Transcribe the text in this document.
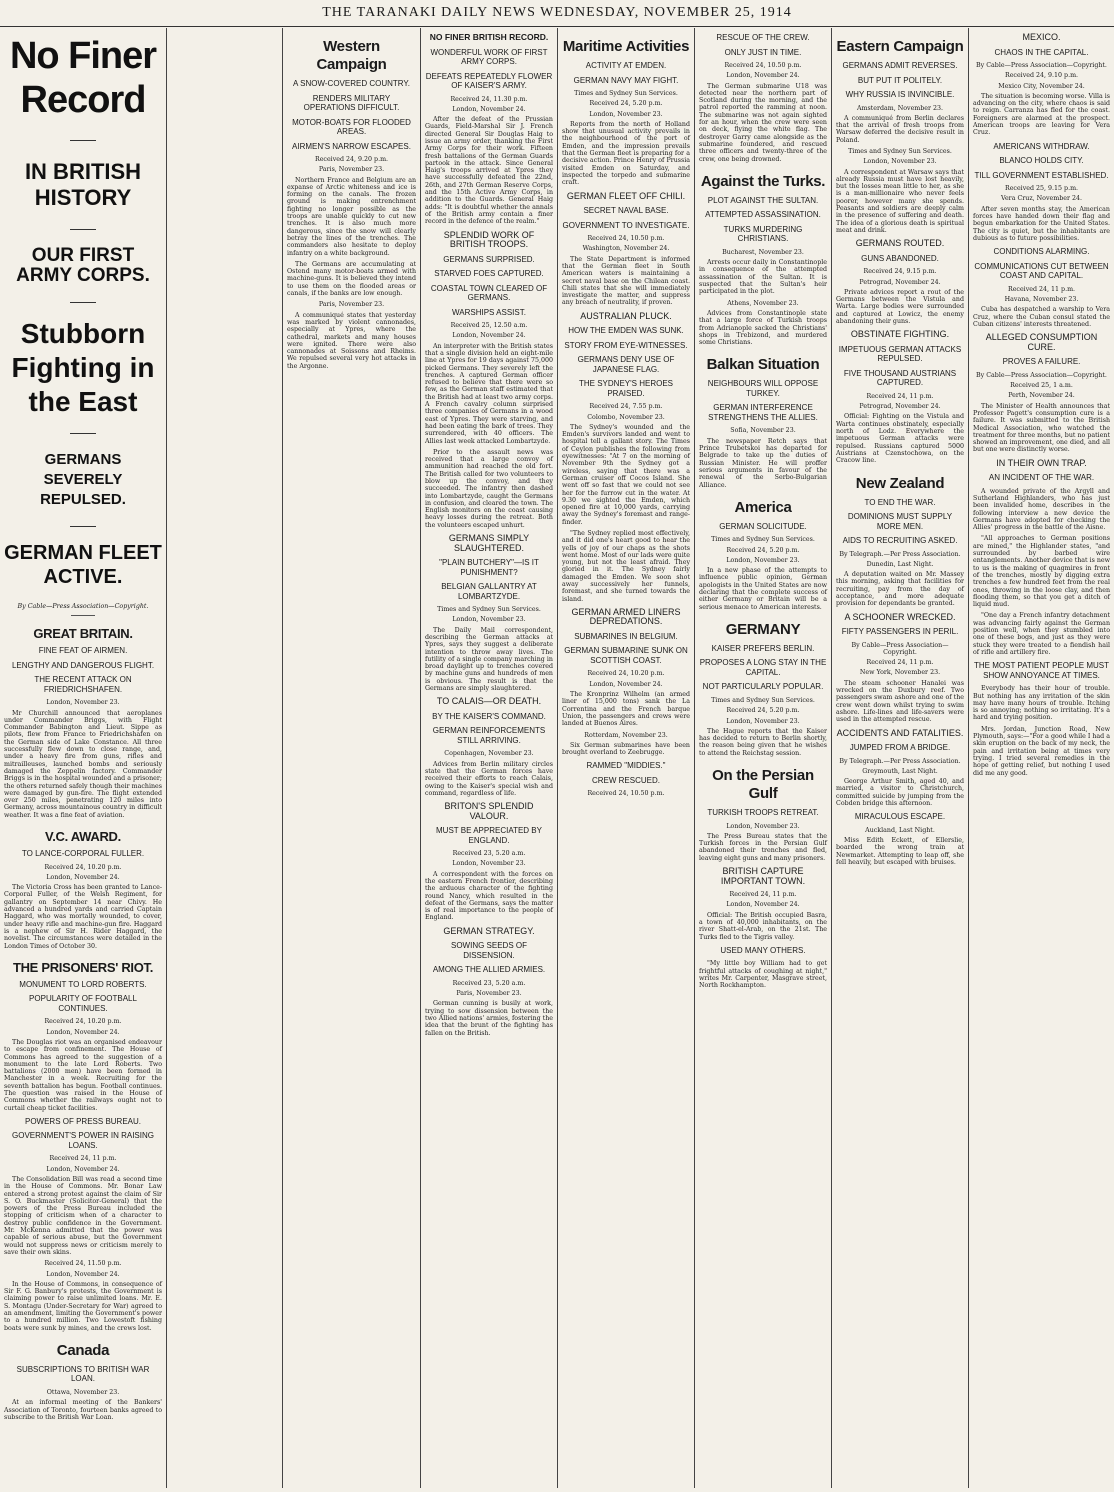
THE TARANAKI DAILY NEWS WEDNESDAY, NOVEMBER 25, 1914
No Finer Record
IN BRITISH HISTORY
OUR FIRST ARMY CORPS.
Stubborn Fighting in the East
GERMANS SEVERELY REPULSED.
GERMAN FLEET ACTIVE.
By Cable—Press Association—Copyright.
GREAT BRITAIN.
FINE FEAT OF AIRMEN.
LENGTHY AND DANGEROUS FLIGHT.
THE RECENT ATTACK ON FRIEDRICHSHAFEN.
London, November 23.
Mr Churchill announced that aeroplanes under Commander Briggs, with Flight Commander Babington and Lieut. Sippe as pilots, flew from France to Friedrichshafen on the German side of Lake Constance. All three successfully flew down to close range, and, under a heavy fire from guns, rifles and mitrailleuses, launched bombs and seriously damaged the Zeppelin factory. Commander Briggs is in the hospital wounded and a prisoner; the others returned safely though their machines were damaged by gun-fire. The flight extended over 250 miles, penetrating 120 miles into Germany, across mountainous country in difficult weather. It was a fine feat of aviation.
V.C. AWARD.
TO LANCE-CORPORAL FULLER.
Received 24, 10.20 p.m.
London, November 24.
The Victoria Cross has been granted to Lance-Corporal Fuller, of the Welsh Regiment, for gallantry on September 14 near Chivy. He advanced a hundred yards and carried Captain Haggard, who was mortally wounded, to cover, under heavy rifle and machine-gun fire. Haggard is a nephew of Sir H. Rider Haggard, the novelist. The circumstances were detailed in the London Times of October 30.
THE PRISONERS' RIOT.
MONUMENT TO LORD ROBERTS.
POPULARITY OF FOOTBALL CONTINUES.
Received 24, 10.20 p.m.
London, November 24.
The Douglas riot was an organised endeavour to escape from confinement. The House of Commons has agreed to the suggestion of a monument to the late Lord Roberts. Two battalions (2000 men) have been formed in Manchester in a week. Recruiting for the seventh battalion has begun. Football continues. The question was raised in the House of Commons whether the railways ought not to curtail cheap ticket facilities.
POWERS OF PRESS BUREAU.
GOVERNMENT'S POWER IN RAISING LOANS.
Received 24, 11 p.m.
London, November 24.
The Consolidation Bill was read a second time in the House of Commons. Mr. Bonar Law entered a strong protest against the claim of Sir S. O. Buckmaster (Solicitor-General) that the powers of the Press Bureau included the stopping of criticism when of a character to destroy public confidence in the Government. Mr. McKenna admitted that the power was capable of serious abuse, but the Government would not suppress news or criticism merely to save their own skins.
Received 24, 11.50 p.m.
London, November 24.
In the House of Commons, in consequence of Sir F. G. Banbury's protests, the Government is claiming power to raise unlimited loans. Mr. E. S. Montagu (Under-Secretary for War) agreed to an amendment, limiting the Government's power to a hundred million. Two Lowestoft fishing boats were sunk by mines, and the crews lost.
Canada
SUBSCRIPTIONS TO BRITISH WAR LOAN.
Ottawa, November 23.
At an informal meeting of the Bankers' Association of Toronto, fourteen banks agreed to subscribe to the British War Loan.
Western Campaign
A SNOW-COVERED COUNTRY.
RENDERS MILITARY OPERATIONS DIFFICULT.
MOTOR-BOATS FOR FLOODED AREAS.
AIRMEN'S NARROW ESCAPES.
Received 24, 9.20 p.m.
Paris, November 23.
Northern France and Belgium are an expanse of Arctic whiteness and ice is forming on the canals. The frozen ground is making entrenchment fighting no longer possible as the troops are unable quickly to cut new trenches. It is also much more dangerous, since the snow will clearly betray the lines of the trenches. The commanders also hesitate to deploy infantry on a white background.
The Germans are accumulating at Ostend many motor-boats armed with machine-guns. It is believed they intend to use them on the flooded areas or canals, if the banks are low enough.
Paris, November 23.
A communiqué states that yesterday was marked by violent cannonades, especially at Ypres, where the cathedral, markets and many houses were ignited. There were also cannonades at Soissons and Rheims. We repulsed several very hot attacks in the Argonne.
NO FINER BRITISH RECORD.
WONDERFUL WORK OF FIRST ARMY CORPS.
DEFEATS REPEATEDLY FLOWER OF KAISER'S ARMY.
Received 24, 11.30 p.m.
London, November 24.
After the defeat of the Prussian Guards, Field-Marshal Sir J. French directed General Sir Douglas Haig to issue an army order, thanking the First Army Corps for their work. Fifteen fresh battalions of the German Guards partook in the attack. Since General Haig's troops arrived at Ypres they have successfully defeated the 22nd, 26th, and 27th German Reserve Corps, and the 15th Active Army Corps, in addition to the Guards. General Haig adds: "It is doubtful whether the annals of the British army contain a finer record in the defence of the realm."
SPLENDID WORK OF BRITISH TROOPS.
GERMANS SURPRISED.
STARVED FOES CAPTURED.
COASTAL TOWN CLEARED OF GERMANS.
WARSHIPS ASSIST.
Received 25, 12.50 a.m.
London, November 24.
An interpreter with the British states that a single division held an eight-mile line at Ypres for 19 days against 75,000 picked Germans. They severely left the trenches. A captured German officer refused to believe that there were so few, as the German staff estimated that the British had at least two army corps. A French cavalry column surprised three companies of Germans in a wood east of Ypres. They were starving, and had been eating the bark of trees. They surrendered, with 40 officers. The Allies last week attacked Lombartzyde.
Prior to the assault news was received that a large convoy of ammunition had reached the old fort. The British called for two volunteers to blow up the convoy, and they succeeded. The infantry then dashed into Lombartzyde, caught the Germans in confusion, and cleared the town. The English monitors on the coast causing heavy losses during the retreat. Both the volunteers escaped unhurt.
GERMANS SIMPLY SLAUGHTERED.
"PLAIN BUTCHERY"—IS IT PUNISHMENT?
BELGIAN GALLANTRY AT LOMBARTZYDE.
Times and Sydney Sun Services.
London, November 23.
The Daily Mail correspondent, describing the German attacks at Ypres, says they suggest a deliberate intention to throw away lives. The futility of a single company marching in broad daylight up to trenches covered by machine guns and hundreds of men is obvious. The result is that the Germans are simply slaughtered.
TO CALAIS—OR DEATH.
BY THE KAISER'S COMMAND.
GERMAN REINFORCEMENTS STILL ARRIVING.
Copenhagen, November 23.
Advices from Berlin military circles state that the German forces have received their efforts to reach Calais, owing to the Kaiser's special wish and command, regardless of life.
BRITON'S SPLENDID VALOUR.
MUST BE APPRECIATED BY ENGLAND.
Received 23, 5.20 a.m.
London, November 23.
A correspondent with the forces on the eastern French frontier, describing the arduous character of the fighting round Nancy, which resulted in the defeat of the Germans, says the matter is of real importance to the people of England.
GERMAN STRATEGY.
SOWING SEEDS OF DISSENSION.
AMONG THE ALLIED ARMIES.
Received 23, 5.20 a.m.
Paris, November 23.
German cunning is busily at work, trying to sow dissension between the two Allied nations' armies, fostering the idea that the brunt of the fighting has fallen on the British.
Maritime Activities
ACTIVITY AT EMDEN.
GERMAN NAVY MAY FIGHT.
Times and Sydney Sun Services.
Received 24, 5.20 p.m.
London, November 23.
Reports from the north of Holland show that unusual activity prevails in the neighbourhood of the port of Emden, and the impression prevails that the German fleet is preparing for a decisive action. Prince Henry of Prussia visited Emden on Saturday, and inspected the torpedo and submarine craft.
GERMAN FLEET OFF CHILI.
SECRET NAVAL BASE.
GOVERNMENT TO INVESTIGATE.
Received 24, 10.50 p.m.
Washington, November 24.
The State Department is informed that the German fleet in South American waters is maintaining a secret naval base on the Chilean coast. Chili states that she will immediately investigate the matter, and suppress any breach of neutrality, if proven.
AUSTRALIAN PLUCK.
HOW THE EMDEN WAS SUNK.
STORY FROM EYE-WITNESSES.
GERMANS DENY USE OF JAPANESE FLAG.
THE SYDNEY'S HEROES PRAISED.
Received 24, 7.55 p.m.
Colombo, November 23.
The Sydney's wounded and the Emden's survivors landed and went to hospital tell a gallant story. The Times of Ceylon publishes the following from eyewitnesses: "At 7 on the morning of November 9th the Sydney got a wireless, saying that there was a German cruiser off Cocos Island. She went off so fast that we could not see her for the furrow cut in the water. At 9.30 we sighted the Emden, which opened fire at 10,000 yards, carrying away the Sydney's foremast and range-finder.
"The Sydney replied most effectively, and it did one's heart good to hear the yells of joy of our chaps as the shots went home. Most of our lads were quite young, but not the least afraid. They gloried in it. The Sydney fairly damaged the Emden. We soon shot away successively her funnels, foremast, and she turned towards the island.
GERMAN ARMED LINERS DEPREDATIONS.
SUBMARINES IN BELGIUM.
GERMAN SUBMARINE SUNK ON SCOTTISH COAST.
Received 24, 10.20 p.m.
London, November 24.
The Kronprinz Wilhelm (an armed liner of 15,000 tons) sank the La Correntina and the French barque Union, the passengers and crews were landed at Buenos Aires.
Rotterdam, November 23.
Six German submarines have been brought overland to Zeebrugge.
RAMMED "MIDDIES."
CREW RESCUED.
Received 24, 10.50 p.m.
RESCUE OF THE CREW.
ONLY JUST IN TIME.
Received 24, 10.50 p.m.
London, November 24.
The German submarine U18 was detected near the northern part of Scotland during the morning, and the patrol reported the ramming at noon. The submarine was not again sighted for an hour, when the crew were seen on deck, flying the white flag. The destroyer Garry came alongside as the submarine foundered, and rescued three officers and twenty-three of the crew, one being drowned.
Against the Turks.
PLOT AGAINST THE SULTAN.
ATTEMPTED ASSASSINATION.
TURKS MURDERING CHRISTIANS.
Bucharest, November 23.
Arrests occur daily in Constantinople in consequence of the attempted assassination of the Sultan. It is suspected that the Sultan's heir participated in the plot.
Athens, November 23.
Advices from Constantinople state that a large force of Turkish troops from Adrianople sacked the Christians' shops in Trebizond, and murdered some Christians.
Balkan Situation
NEIGHBOURS WILL OPPOSE TURKEY.
GERMAN INTERFERENCE STRENGTHENS THE ALLIES.
Sofia, November 23.
The newspaper Retch says that Prince Trubetskoi has departed for Belgrade to take up the duties of Russian Minister. He will proffer serious arguments in favour of the renewal of the Serbo-Bulgarian Alliance.
America
GERMAN SOLICITUDE.
Times and Sydney Sun Services.
Received 24, 5.20 p.m.
London, November 23.
In a new phase of the attempts to influence public opinion, German apologists in the United States are now declaring that the complete success of either Germany or Britain will be a serious menace to American interests.
GERMANY
KAISER PREFERS BERLIN.
PROPOSES A LONG STAY IN THE CAPITAL.
NOT PARTICULARLY POPULAR.
Times and Sydney Sun Services.
Received 24, 5.20 p.m.
London, November 23.
The Hague reports that the Kaiser has decided to return to Berlin shortly, the reason being given that he wishes to attend the Reichstag session.
On the Persian Gulf
TURKISH TROOPS RETREAT.
London, November 23.
The Press Bureau states that the Turkish forces in the Persian Gulf abandoned their trenches and fled, leaving eight guns and many prisoners.
BRITISH CAPTURE IMPORTANT TOWN.
Received 24, 11 p.m.
London, November 24.
Official: The British occupied Basra, a town of 40,000 inhabitants, on the river Shatt-el-Arab, on the 21st. The Turks fled to the Tigris valley.
USED MANY OTHERS.
"My little boy William had to get frightful attacks of coughing at night," writes Mr. Carpenter, Masgrave street, North Rockhampton.
Eastern Campaign
GERMANS ADMIT REVERSES.
BUT PUT IT POLITELY.
WHY RUSSIA IS INVINCIBLE.
Amsterdam, November 23.
A communiqué from Berlin declares that the arrival of fresh troops from Warsaw deferred the decisive result in Poland.
Times and Sydney Sun Services.
London, November 23.
A correspondent at Warsaw says that already Russia must have lost heavily, but the losses mean little to her, as she is a man-millionaire who never feels poorer, however many she spends. Peasants and soldiers are deeply calm in the presence of suffering and death. The idea of a glorious death is spiritual meat and drink.
GERMANS ROUTED.
GUNS ABANDONED.
Received 24, 9.15 p.m.
Petrograd, November 24.
Private advices report a rout of the Germans between the Vistula and Warta. Large bodies were surrounded and captured at Lowicz, the enemy abandoning their guns.
OBSTINATE FIGHTING.
IMPETUOUS GERMAN ATTACKS REPULSED.
FIVE THOUSAND AUSTRIANS CAPTURED.
Received 24, 11 p.m.
Petrograd, November 24.
Official: Fighting on the Vistula and Warta continues obstinately, especially north of Lodz. Everywhere the impetuous German attacks were repulsed. Russians captured 5000 Austrians at Czenstochowa, on the Cracow line.
New Zealand
TO END THE WAR.
DOMINIONS MUST SUPPLY MORE MEN.
AIDS TO RECRUITING ASKED.
By Telegraph.—Per Press Association.
Dunedin, Last Night.
A deputation waited on Mr. Massey this morning, asking that facilities for recruiting, pay from the day of acceptance, and more adequate provision for dependants be granted.
A SCHOONER WRECKED.
FIFTY PASSENGERS IN PERIL.
By Cable—Press Association—Copyright.
Received 24, 11 p.m.
New York, November 23.
The steam schooner Hanalei was wrecked on the Duxbury reef. Two passengers swam ashore and one of the crew went down whilst trying to swim ashore. Life-lines and life-savers were used in the attempted rescue.
ACCIDENTS AND FATALITIES.
JUMPED FROM A BRIDGE.
By Telegraph.—Per Press Association.
Greymouth, Last Night.
George Arthur Smith, aged 40, and married, a visitor to Christchurch, committed suicide by jumping from the Cobden bridge this afternoon.
MIRACULOUS ESCAPE.
Auckland, Last Night.
Miss Edith Eckett, of Ellerslie, boarded the wrong train at Newmarket. Attempting to leap off, she fell heavily, but escaped with bruises.
MEXICO.
CHAOS IN THE CAPITAL.
By Cable—Press Association—Copyright.
Received 24, 9.10 p.m.
Mexico City, November 24.
The situation is becoming worse. Villa is advancing on the city, where chaos is said to reign. Carranza has fled for the coast. Foreigners are alarmed at the prospect. American troops are leaving for Vera Cruz.
AMERICANS WITHDRAW.
BLANCO HOLDS CITY.
TILL GOVERNMENT ESTABLISHED.
Received 25, 9.15 p.m.
Vera Cruz, November 24.
After seven months stay, the American forces have handed down their flag and begun embarkation for the United States. The city is quiet, but the inhabitants are dubious as to future possibilities.
CONDITIONS ALARMING.
COMMUNICATIONS CUT BETWEEN COAST AND CAPITAL.
Received 24, 11 p.m.
Havana, November 23.
Cuba has despatched a warship to Vera Cruz, where the Cuban consul stated the Cuban citizens' interests threatened.
ALLEGED CONSUMPTION CURE.
PROVES A FAILURE.
By Cable—Press Association—Copyright.
Received 25, 1 a.m.
Perth, November 24.
The Minister of Health announces that Professor Pagett's consumption cure is a failure. It was submitted to the British Medical Association, who watched the treatment for three months, but no patient showed an improvement, one died, and all but one were distinctly worse.
IN THEIR OWN TRAP.
AN INCIDENT OF THE WAR.
A wounded private of the Argyll and Sutherland Highlanders, who has just been invalided home, describes in the following interview a new device the Germans have adopted for checking the Allies' progress in the battle of the Aisne.
"All approaches to German positions are mined," the Highlander states, "and surrounded by barbed wire entanglements. Another device that is new to us is the making of quagmires in front of the trenches, mostly by digging extra trenches a few hundred feet from the real ones, throwing in the loose clay, and then flooding them, so that you get a ditch of liquid mud.
"One day a French infantry detachment was advancing fairly against the German position well, when they stumbled into one of these bogs, and just as they were stuck they were treated to a fiendish hail of rifle and artillery fire.
THE MOST PATIENT PEOPLE MUST SHOW ANNOYANCE AT TIMES.
Everybody has their hour of trouble. But nothing has any irritation of the skin may have many hours of trouble. Itching is so annoying; nothing so irritating. It's a hard and trying position.
Mrs. Jordan, Junction Road, New Plymouth, says:—"For a good while I had a skin eruption on the back of my neck, the pain and irritation being at times very trying. I tried several remedies in the hope of getting relief, but nothing I used did me any good.
